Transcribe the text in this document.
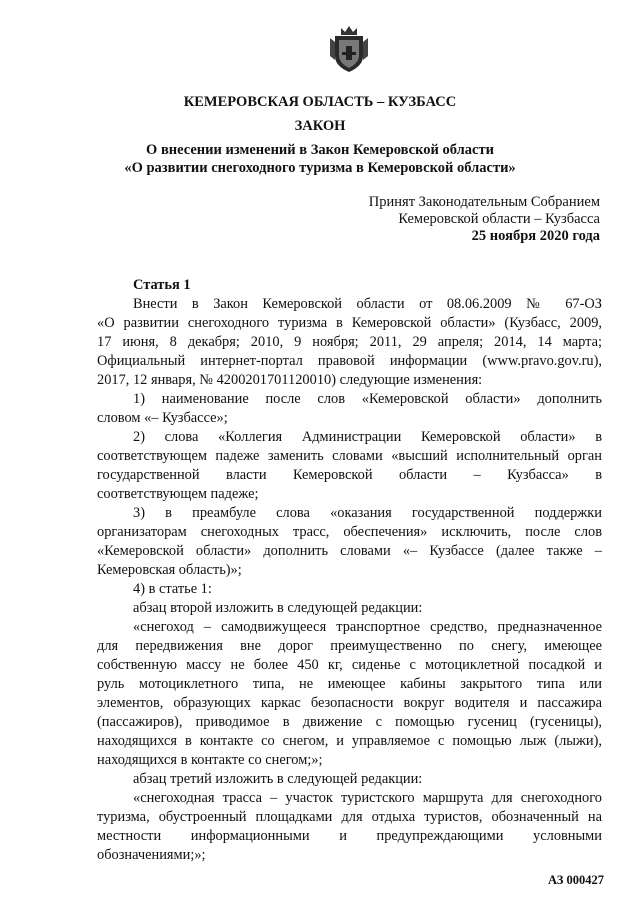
КЕМЕРОВСКАЯ ОБЛАСТЬ – КУЗБАСС
ЗАКОН
О внесении изменений в Закон Кемеровской области
«О развитии снегоходного туризма в Кемеровской области»
Принят Законодательным Собранием
Кемеровской области – Кузбасса
25 ноября 2020 года
Статья 1
Внести в Закон Кемеровской области от 08.06.2009 № 67-ОЗ
«О развитии снегоходного туризма в Кемеровской области» (Кузбасс, 2009,
17 июня, 8 декабря; 2010, 9 ноября; 2011, 29 апреля; 2014, 14 марта;
Официальный интернет-портал правовой информации (www.pravo.gov.ru),
2017, 12 января, № 4200201701120010) следующие изменения:
1) наименование после слов «Кемеровской области» дополнить
словом «– Кузбассе»;
2) слова «Коллегия Администрации Кемеровской области» в
соответствующем падеже заменить словами «высший исполнительный орган
государственной власти Кемеровской области – Кузбасса» в
соответствующем падеже;
3) в преамбуле слова «оказания государственной поддержки
организаторам снегоходных трасс, обеспечения» исключить, после слов
«Кемеровской области» дополнить словами «– Кузбассе (далее также –
Кемеровская область)»;
4) в статье 1:
абзац второй изложить в следующей редакции:
«снегоход – самодвижущееся транспортное средство, предназначенное
для передвижения вне дорог преимущественно по снегу, имеющее
собственную массу не более 450 кг, сиденье с мотоциклетной посадкой и
руль мотоциклетного типа, не имеющее кабины закрытого типа или
элементов, образующих каркас безопасности вокруг водителя и пассажира
(пассажиров), приводимое в движение с помощью гусениц (гусеницы),
находящихся в контакте со снегом, и управляемое с помощью лыж (лыжи),
находящихся в контакте со снегом;»;
абзац третий изложить в следующей редакции:
«снегоходная трасса – участок туристского маршрута для снегоходного
туризма, обустроенный площадками для отдыха туристов, обозначенный на
местности информационными и предупреждающими условными
обозначениями;»;
АЗ 000427
